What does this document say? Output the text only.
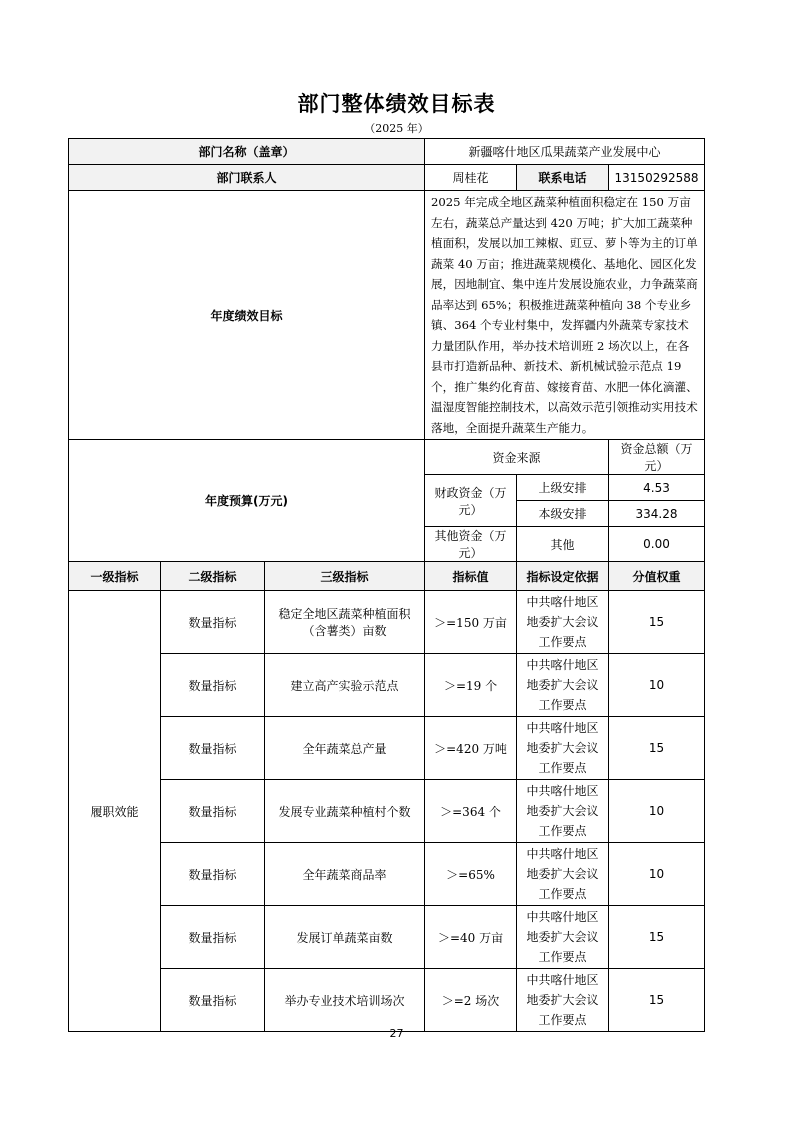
部门整体绩效目标表
（2025 年）
部门名称（盖章）			新疆喀什地区瓜果蔬菜产业发展中心		
部门联系人			周桂花	联系电话	13150292588
年度绩效目标			2025 年完成全地区蔬菜种植面积稳定在 150 万亩左右，蔬菜总产量达到 420 万吨；扩大加工蔬菜种植面积，发展以加工辣椒、豇豆、萝卜等为主的订单蔬菜 40 万亩；推进蔬菜规模化、基地化、园区化发展，因地制宜、集中连片发展设施农业，力争蔬菜商品率达到 65%；积极推进蔬菜种植向 38 个专业乡镇、364 个专业村集中，发挥疆内外蔬菜专家技术力量团队作用，举办技术培训班 2 场次以上，在各县市打造新品种、新技术、新机械试验示范点 19 个，推广集约化育苗、嫁接育苗、水肥一体化滴灌、温湿度智能控制技术，以高效示范引领推动实用技术落地，全面提升蔬菜生产能力。		
年度预算(万元)			资金来源		资金总额（万元）
			财政资金（万元）	上级安排	4.53
				本级安排	334.28
			其他资金（万元）	其他	0.00
一级指标	二级指标	三级指标	指标值	指标设定依据	分值权重
履职效能	数量指标	稳定全地区蔬菜种植面积（含薯类）亩数	＞=150 万亩	中共喀什地区地委扩大会议工作要点	15
	数量指标	建立高产实验示范点	＞=19 个	中共喀什地区地委扩大会议工作要点	10
	数量指标	全年蔬菜总产量	＞=420 万吨	中共喀什地区地委扩大会议工作要点	15
	数量指标	发展专业蔬菜种植村个数	＞=364 个	中共喀什地区地委扩大会议工作要点	10
	数量指标	全年蔬菜商品率	＞=65%	中共喀什地区地委扩大会议工作要点	10
	数量指标	发展订单蔬菜亩数	＞=40 万亩	中共喀什地区地委扩大会议工作要点	15
	数量指标	举办专业技术培训场次	＞=2 场次	中共喀什地区地委扩大会议工作要点	15
27
